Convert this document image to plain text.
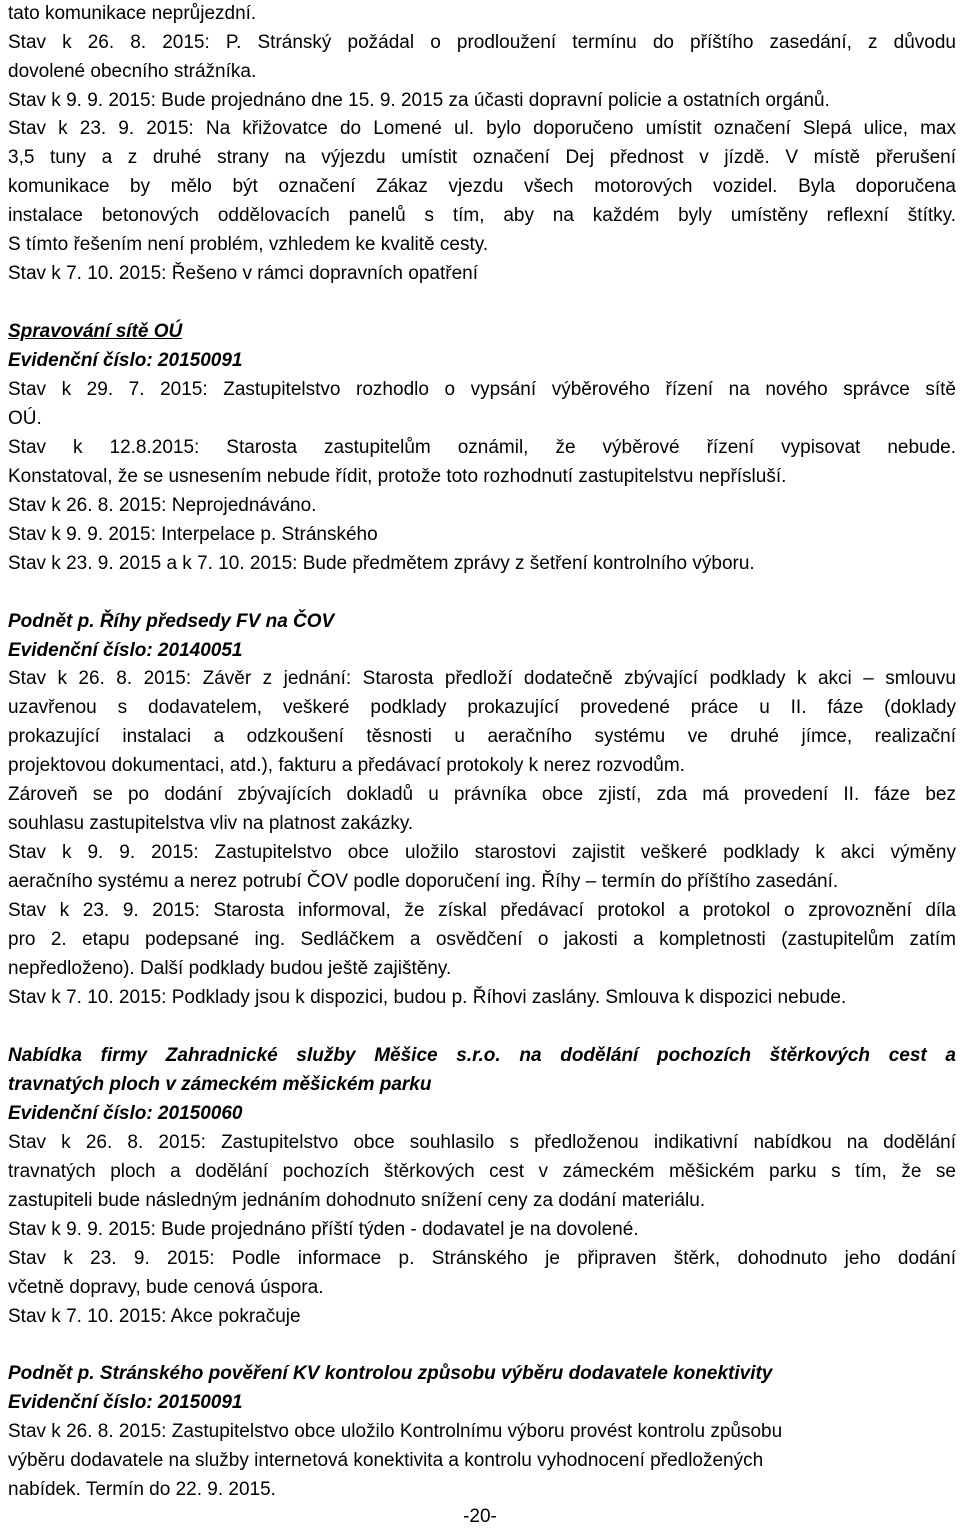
tato komunikace neprůjezdní.
Stav k 26. 8. 2015: P. Stránský požádal o prodloužení termínu do příštího zasedání, z důvodu
dovolené obecního strážníka.
Stav k 9. 9. 2015: Bude projednáno dne 15. 9. 2015 za účasti dopravní policie a ostatních orgánů.
Stav k 23. 9. 2015: Na křižovatce do Lomené ul. bylo doporučeno umístit označení Slepá ulice, max
3,5 tuny a z druhé strany na výjezdu umístit označení Dej přednost v jízdě. V místě přerušení
komunikace by mělo být označení Zákaz vjezdu všech motorových vozidel. Byla doporučena
instalace betonových oddělovacích panelů s tím, aby na každém byly umístěny reflexní štítky.
S tímto řešením není problém, vzhledem ke kvalitě cesty.
Stav k 7. 10. 2015: Řešeno v rámci dopravních opatření
Spravování sítě OÚ
Evidenční číslo: 20150091
Stav k 29. 7. 2015: Zastupitelstvo rozhodlo o vypsání výběrového řízení na nového správce sítě
OÚ.
Stav k 12.8.2015: Starosta zastupitelům oznámil, že výběrové řízení vypisovat nebude.
Konstatoval, že se usnesením nebude řídit, protože toto rozhodnutí zastupitelstvu nepřísluší.
Stav k 26. 8. 2015: Neprojednáváno.
Stav k 9. 9. 2015: Interpelace p. Stránského
Stav k 23. 9. 2015 a k 7. 10. 2015: Bude předmětem zprávy z šetření kontrolního výboru.
Podnět p. Říhy předsedy FV na ČOV
Evidenční číslo: 20140051
Stav k 26. 8. 2015: Závěr z jednání: Starosta předloží dodatečně zbývající podklady k akci – smlouvu
uzavřenou s dodavatelem, veškeré podklady prokazující provedené práce u II. fáze (doklady
prokazující instalaci a odzkoušení těsnosti u aeračního systému ve druhé jímce, realizační
projektovou dokumentaci, atd.), fakturu a předávací protokoly k nerez rozvodům.
Zároveň se po dodání zbývajících dokladů u právníka obce zjistí, zda má provedení II. fáze bez
souhlasu zastupitelstva vliv na platnost zakázky.
Stav k 9. 9. 2015: Zastupitelstvo obce uložilo starostovi zajistit veškeré podklady k akci výměny
aeračního systému a nerez potrubí ČOV podle doporučení ing. Říhy – termín do příštího zasedání.
Stav k 23. 9. 2015: Starosta informoval, že získal předávací protokol a protokol o zprovoznění díla
pro 2. etapu podepsané ing. Sedláčkem a osvědčení o jakosti a kompletnosti (zastupitelům zatím
nepředloženo). Další podklady budou ještě zajištěny.
Stav k 7. 10. 2015: Podklady jsou k dispozici, budou p. Říhovi zaslány. Smlouva k dispozici nebude.
Nabídka firmy Zahradnické služby Měšice s.r.o. na dodělání pochozích štěrkových cest a
travnatých ploch v zámeckém měšickém parku
Evidenční číslo: 20150060
Stav k 26. 8. 2015: Zastupitelstvo obce souhlasilo s předloženou indikativní nabídkou na dodělání
travnatých ploch a dodělání pochozích štěrkových cest v zámeckém měšickém parku s tím, že se
zastupiteli bude následným jednáním dohodnuto snížení ceny za dodání materiálu.
Stav k 9. 9. 2015: Bude projednáno příští týden - dodavatel je na dovolené.
Stav k 23. 9. 2015: Podle informace p. Stránského je připraven štěrk, dohodnuto jeho dodání
včetně dopravy, bude cenová úspora.
Stav k 7. 10. 2015: Akce pokračuje
Podnět p. Stránského pověření KV kontrolou způsobu výběru dodavatele konektivity
Evidenční číslo: 20150091
Stav k 26. 8. 2015: Zastupitelstvo obce uložilo Kontrolnímu výboru provést kontrolu způsobu
výběru dodavatele na služby internetová konektivita a kontrolu vyhodnocení předložených
nabídek. Termín do 22. 9. 2015.
-20-
